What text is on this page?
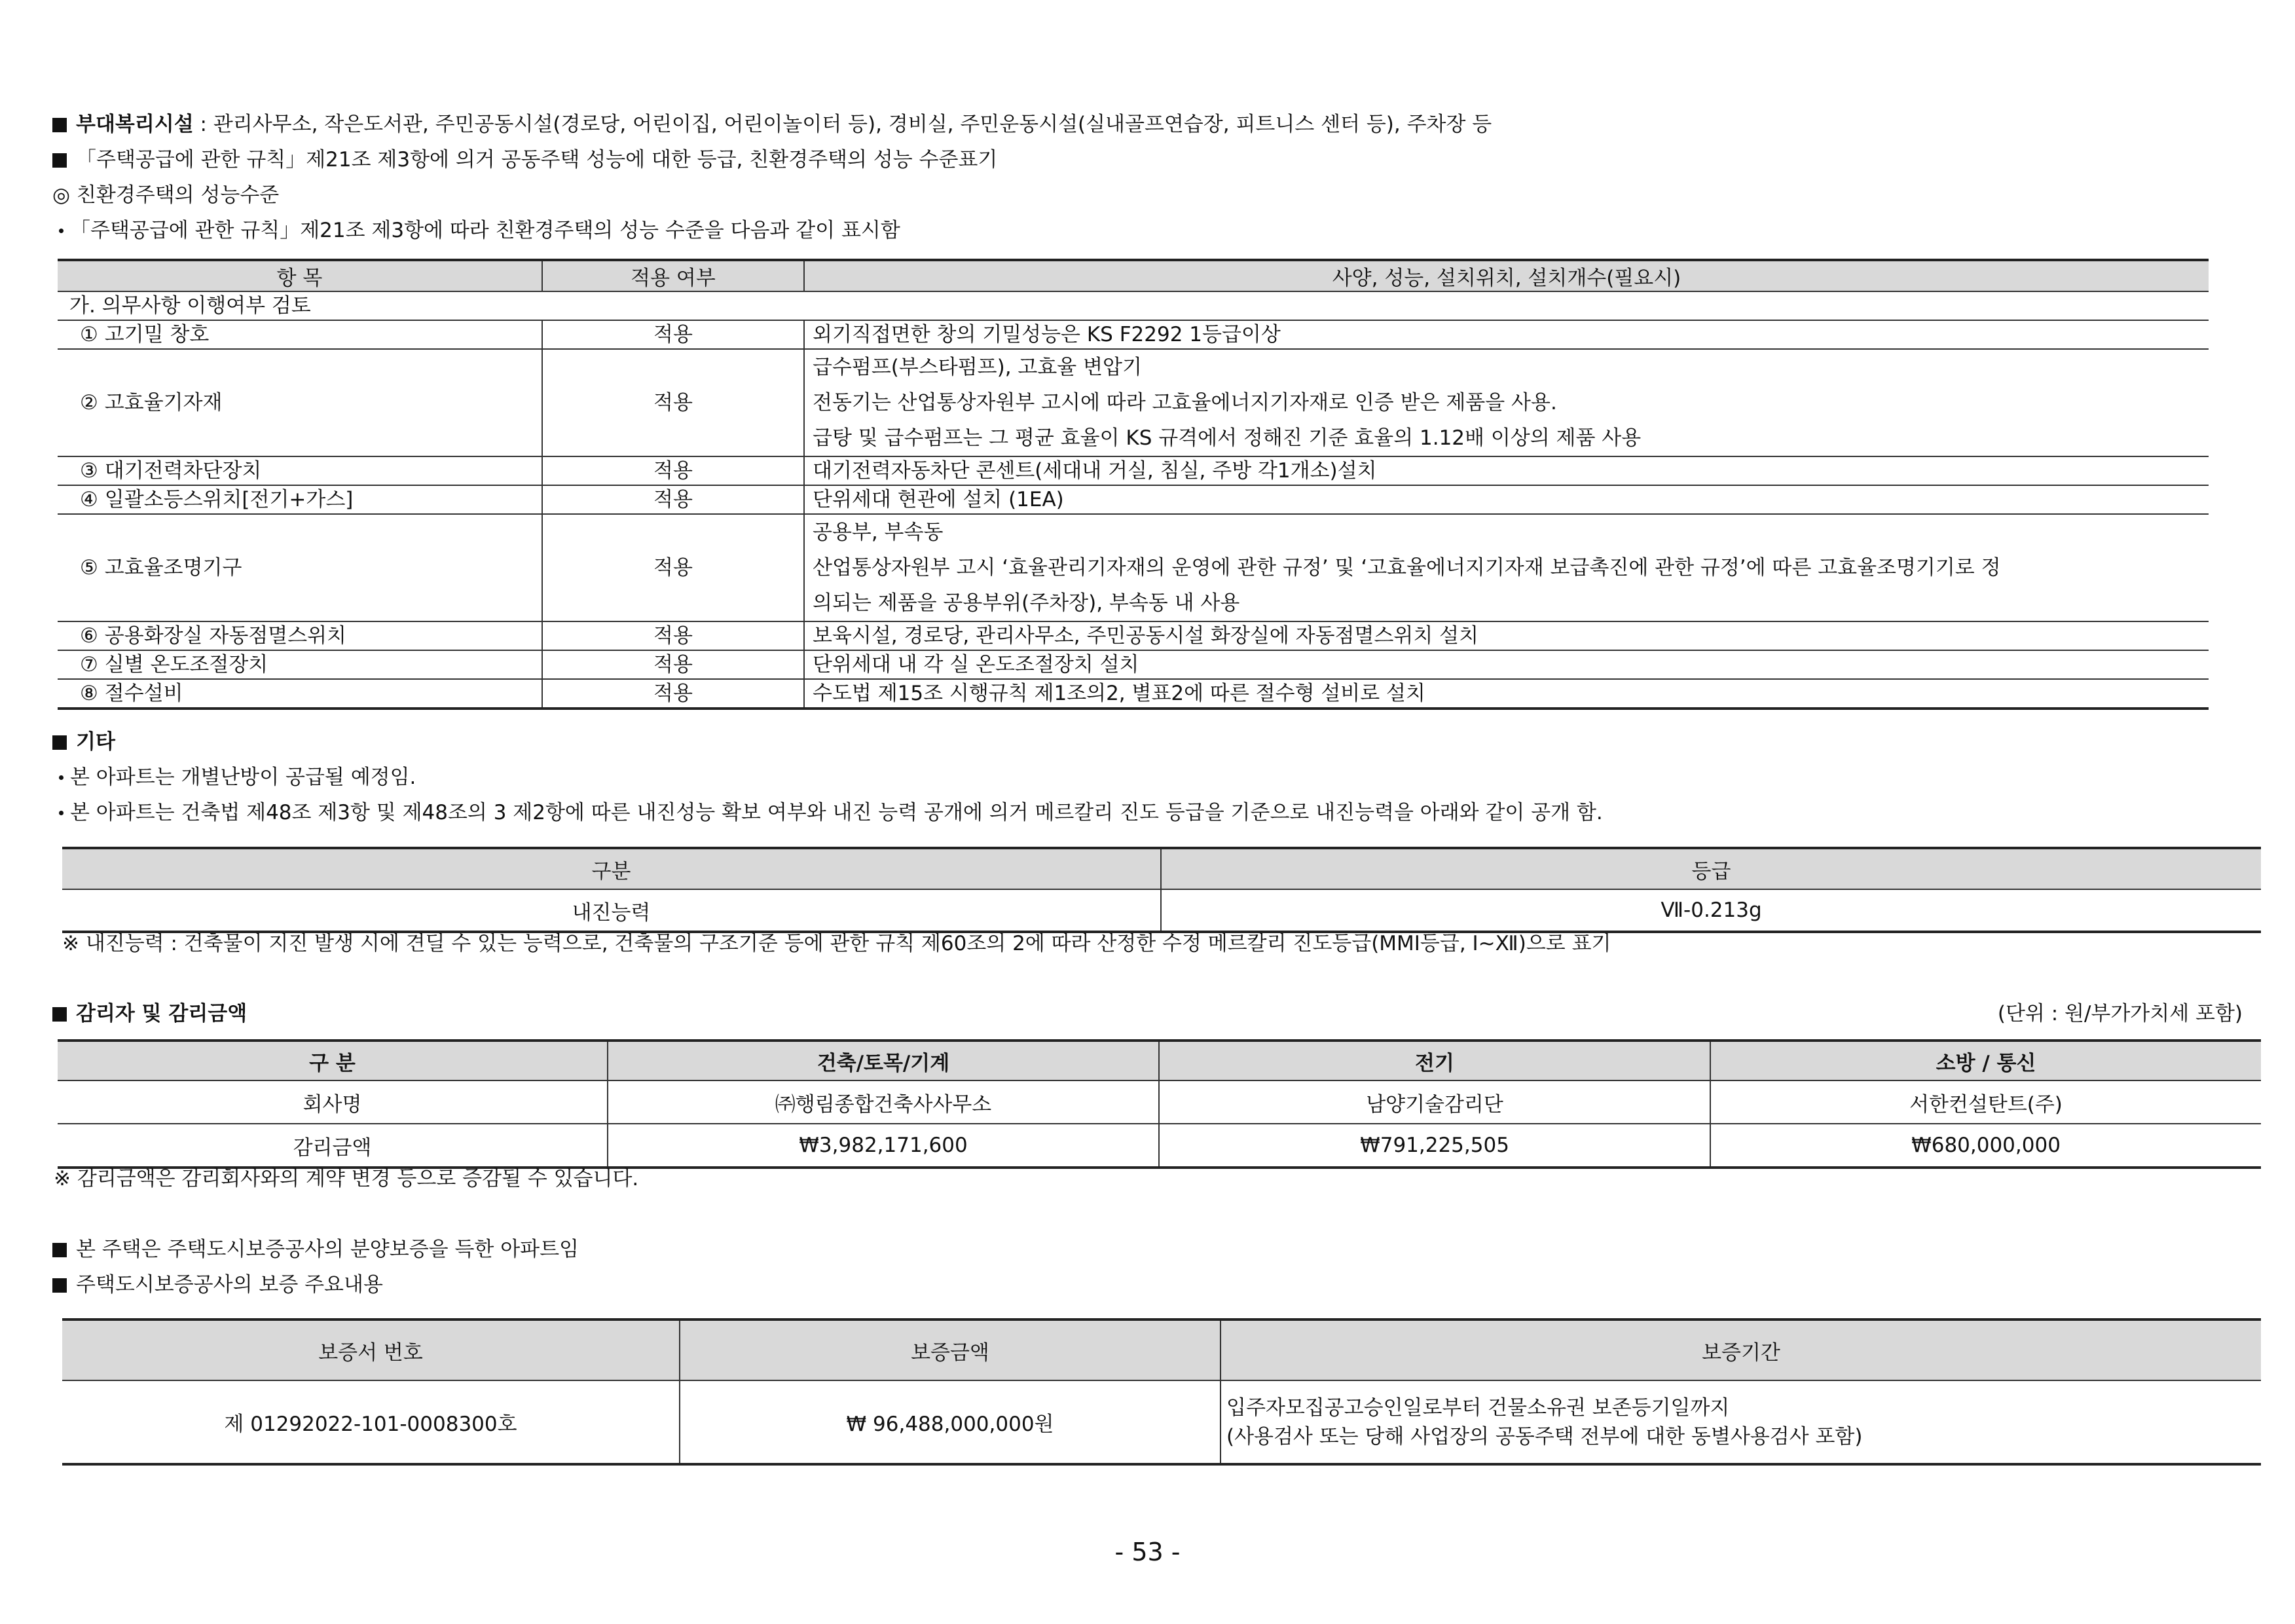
부대복리시설 : 관리사무소, 작은도서관, 주민공동시설(경로당, 어린이집, 어린이놀이터 등), 경비실, 주민운동시설(실내골프연습장, 피트니스 센터 등), 주차장 등
「주택공급에 관한 규칙」제21조 제3항에 의거 공동주택 성능에 대한 등급, 친환경주택의 성능 수준표기
◎ 친환경주택의 성능수준
「주택공급에 관한 규칙」제21조 제3항에 따라 친환경주택의 성능 수준을 다음과 같이 표시함
항 목	적용 여부	사양, 성능, 설치위치, 설치개수(필요시)
가. 의무사항 이행여부 검토		
① 고기밀 창호	적용	외기직접면한 창의 기밀성능은 KS F2292 1등급이상
② 고효율기자재	적용	급수펌프(부스타펌프), 고효율 변압기
전동기는 산업통상자원부 고시에 따라 고효율에너지기자재로 인증 받은 제품을 사용.
급탕 및 급수펌프는 그 평균 효율이 KS 규격에서 정해진 기준 효율의 1.12배 이상의 제품 사용

③ 대기전력차단장치	적용	대기전력자동차단 콘센트(세대내 거실, 침실, 주방 각1개소)설치
④ 일괄소등스위치[전기+가스]	적용	단위세대 현관에 설치 (1EA)
⑤ 고효율조명기구	적용	공용부, 부속동
산업통상자원부 고시 ‘효율관리기자재의 운영에 관한 규정’ 및 ‘고효율에너지기자재 보급촉진에 관한 규정’에 따른 고효율조명기기로 정
의되는 제품을 공용부위(주차장), 부속동 내 사용

⑥ 공용화장실 자동점멸스위치	적용	보육시설, 경로당, 관리사무소, 주민공동시설 화장실에 자동점멸스위치 설치
⑦ 실별 온도조절장치	적용	단위세대 내 각 실 온도조절장치 설치
⑧ 절수설비	적용	수도법 제15조 시행규칙 제1조의2, 별표2에 따른 절수형 설비로 설치
기타
본 아파트는 개별난방이 공급될 예정임.
본 아파트는 건축법 제48조 제3항 및 제48조의 3 제2항에 따른 내진성능 확보 여부와 내진 능력 공개에 의거 메르칼리 진도 등급을 기준으로 내진능력을 아래와 같이 공개 함.
구분	등급
내진능력	Ⅶ-0.213g
※ 내진능력 : 건축물이 지진 발생 시에 견딜 수 있는 능력으로, 건축물의 구조기준 등에 관한 규칙 제60조의 2에 따라 산정한 수정 메르칼리 진도등급(MMI등급, Ⅰ~Ⅻ)으로 표기
감리자 및 감리금액	(단위 : 원/부가가치세 포함)
구 분	건축/토목/기계	전기	소방 / 통신
회사명	㈜행림종합건축사사무소	남양기술감리단	서한컨설탄트(주)
감리금액	₩3,982,171,600	₩791,225,505	₩680,000,000
※ 감리금액은 감리회사와의 계약 변경 등으로 증감될 수 있습니다.
본 주택은 주택도시보증공사의 분양보증을 득한 아파트임
주택도시보증공사의 보증 주요내용
보증서 번호	보증금액	보증기간
제 01292022-101-0008300호	₩ 96,488,000,000원	입주자모집공고승인일로부터 건물소유권 보존등기일까지
(사용검사 또는 당해 사업장의 공동주택 전부에 대한 동별사용검사 포함)
- 53 -
